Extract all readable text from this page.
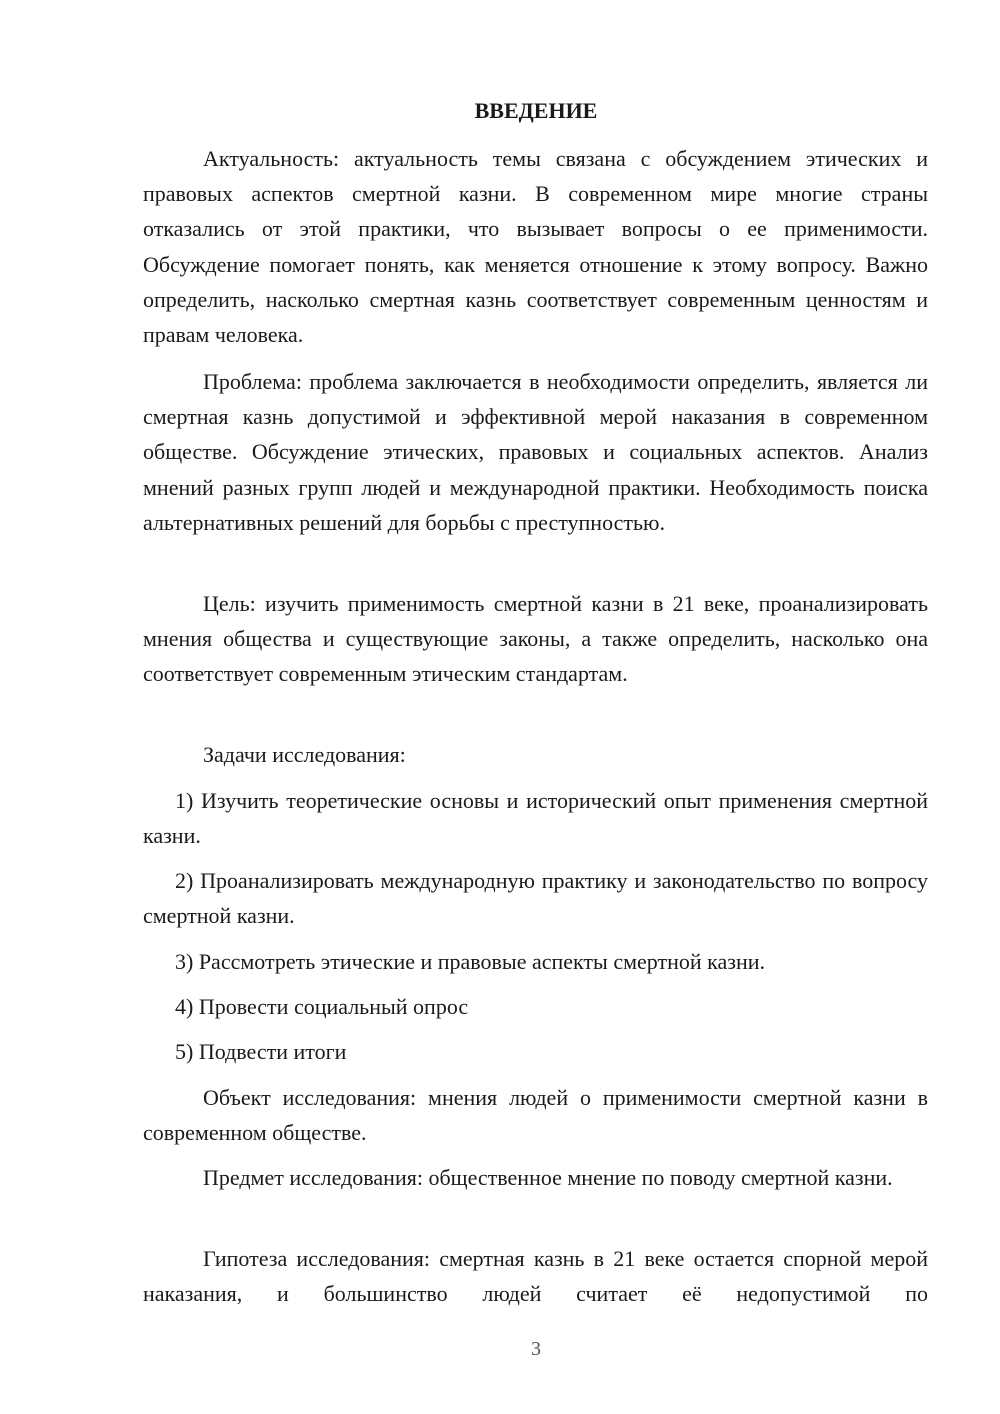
ВВЕДЕНИЕ
Актуальность: актуальность темы связана с обсуждением этических и правовых аспектов смертной казни. В современном мире многие страны отказались от этой практики, что вызывает вопросы о ее применимости. Обсуждение помогает понять, как меняется отношение к этому вопросу. Важно определить, насколько смертная казнь соответствует современным ценностям и правам человека.
Проблема: проблема заключается в необходимости определить, является ли смертная казнь допустимой и эффективной мерой наказания в современном обществе. Обсуждение этических, правовых и социальных аспектов. Анализ мнений разных групп людей и международной практики. Необходимость поиска альтернативных решений для борьбы с преступностью.
Цель: изучить применимость смертной казни в 21 веке, проанализировать мнения общества и существующие законы, а также определить, насколько она соответствует современным этическим стандартам.
Задачи исследования:
1) Изучить теоретические основы и исторический опыт применения смертной казни.
2) Проанализировать международную практику и законодательство по вопросу смертной казни.
3) Рассмотреть этические и правовые аспекты смертной казни.
4) Провести социальный опрос
5) Подвести итоги
Объект исследования: мнения людей о применимости смертной казни в современном обществе.
Предмет исследования: общественное мнение по поводу смертной казни.
Гипотеза исследования: смертная казнь в 21 веке остается спорной мерой наказания, и большинство людей считает её недопустимой по
3
